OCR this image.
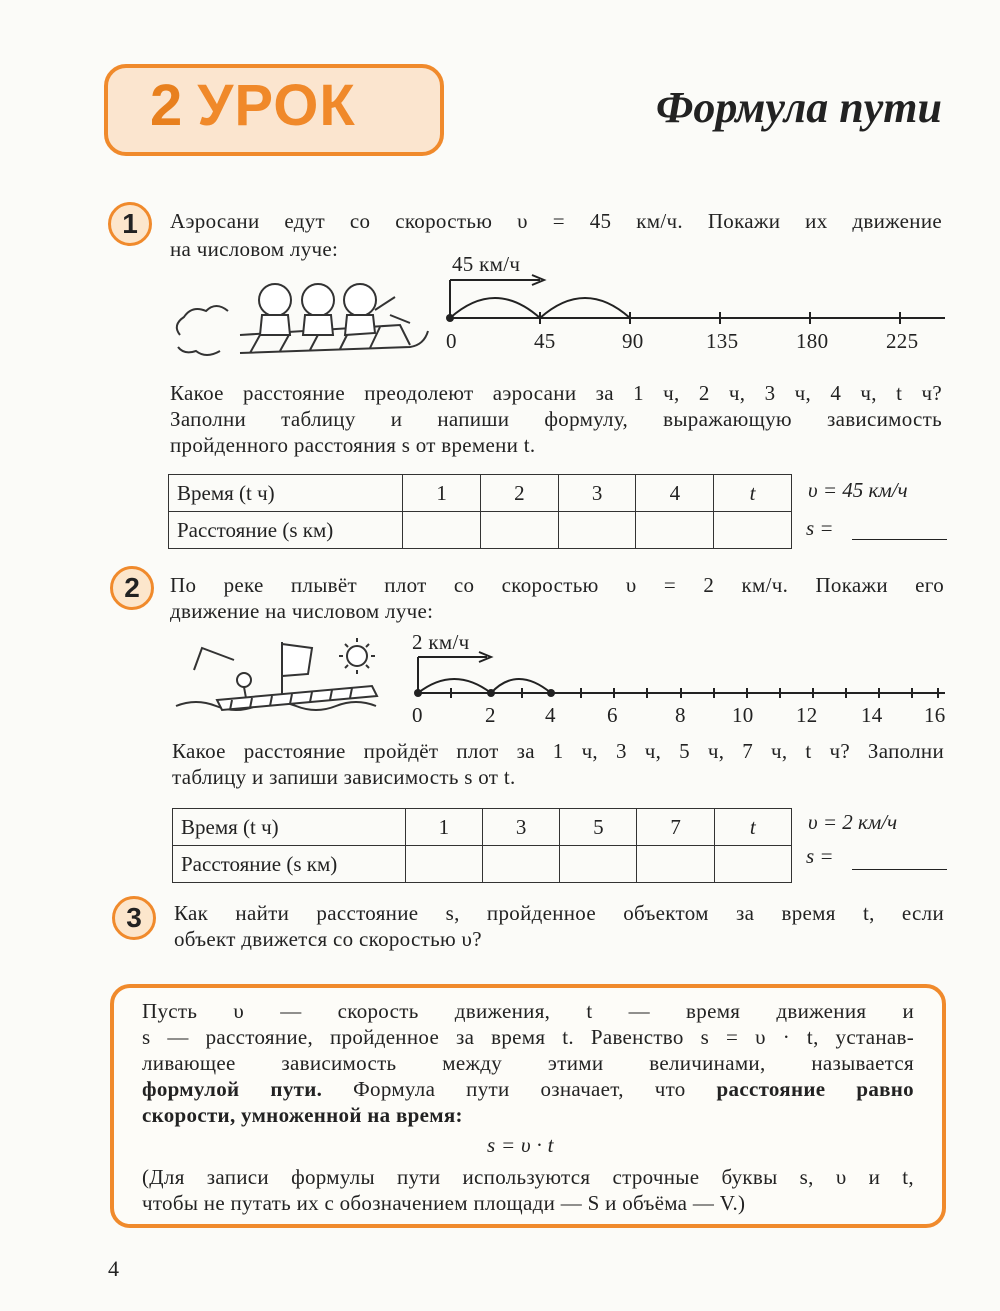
2 УРОК	Формула пути
1	Аэросани едут со скоростью υ = 45 км/ч. Покажи их движение
на числовом луче:
45 км/ч
0	45	90	135	180	225
Какое расстояние преодолеют аэросани за 1 ч, 2 ч, 3 ч, 4 ч, t ч?
Заполни таблицу и напиши формулу, выражающую зависимость
пройденного расстояния s от времени t.
Время (t ч)	1	2	3	4	t
Расстояние (s км)					
υ = 45 км/ч
s =
2	По реке плывёт плот со скоростью υ = 2 км/ч. Покажи его
движение на числовом луче:
2 км/ч
0	2 4 6	8 10 12 14 16
Какое расстояние пройдёт плот за 1 ч, 3 ч, 5 ч, 7 ч, t ч? Заполни
таблицу и запиши зависимость s от t.
Время (t ч)	1	3	5	7	t
Расстояние (s км)					
υ = 2 км/ч
s =
3	Как найти расстояние s, пройденное объектом за время t, если
объект движется со скоростью υ?
Пусть υ — скорость движения, t — время движения и
s — расстояние, пройденное за время t. Равенство s = υ · t, устанав-
ливающее зависимость между этими величинами, называется
формулой пути. Формула пути означает, что расстояние равно
скорости, умноженной на время:
s = υ · t
(Для записи формулы пути используются строчные буквы s, υ и t,
чтобы не путать их с обозначением площади — S и объёма — V.)
4
